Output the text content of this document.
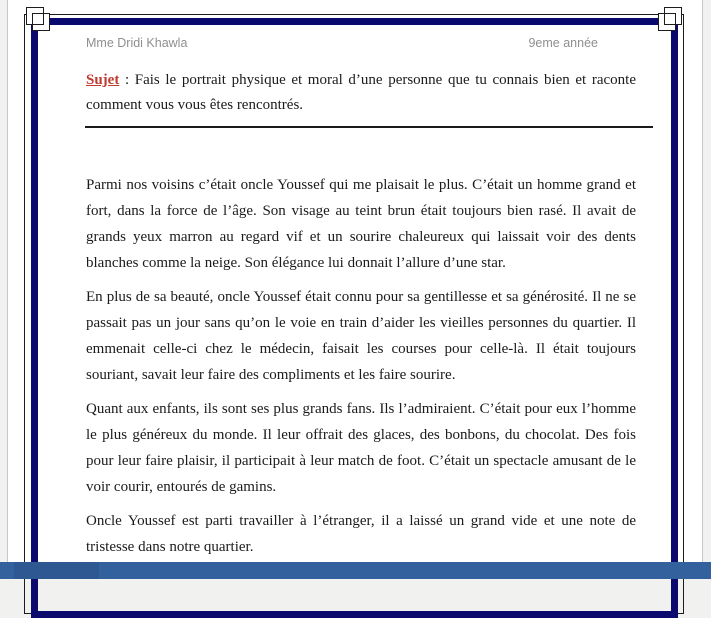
Mme Dridi Khawla	9eme année

Sujet : Fais le portrait physique et moral d’une personne que tu connais bien et raconte comment vous vous êtes rencontrés.

Parmi nos voisins c’était oncle Youssef qui me plaisait le plus. C’était un homme grand et fort, dans la force de l’âge. Son visage au teint brun était toujours bien rasé. Il avait de grands yeux marron au regard vif et un sourire chaleureux qui laissait voir des dents blanches comme la neige. Son élégance lui donnait l’allure d’une star.

En plus de sa beauté, oncle Youssef était connu pour sa gentillesse et sa générosité. Il ne se passait pas un jour sans qu’on le voie en train d’aider les vieilles personnes du quartier. Il emmenait celle-ci chez le médecin, faisait les courses pour celle-là. Il était toujours souriant, savait leur faire des compliments et les faire sourire.

Quant aux enfants, ils sont ses plus grands fans. Ils l’admiraient. C’était pour eux l’homme le plus généreux du monde. Il leur offrait des glaces, des bonbons, du chocolat. Des fois pour leur faire plaisir, il participait à leur match de foot. C’était un spectacle amusant de le voir courir, entourés de gamins.

Oncle Youssef est parti travailler à l’étranger, il a laissé un grand vide et une note de tristesse dans notre quartier.
